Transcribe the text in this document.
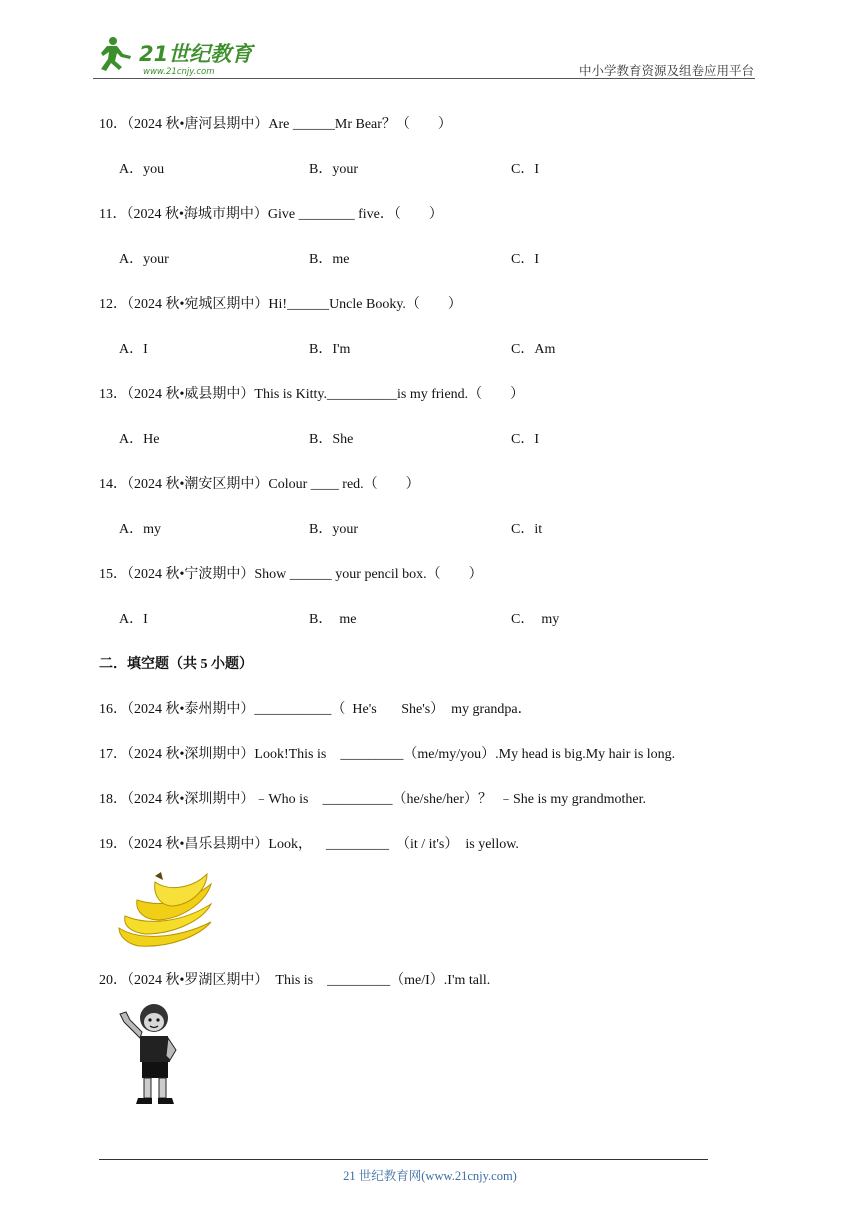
21世纪教育
www.21cnjy.com	中小学教育资源及组卷应用平台
10．（2024 秋•唐河县期中）Are ______Mr Bear？（　　）
A．you	B．your	C．I
11．（2024 秋•海城市期中）Give ________ five．（　　）
A．your	B．me	C．I
12．（2024 秋•宛城区期中）Hi!______Uncle Booky.（　　）
A．I	B．I'm	C．Am
13．（2024 秋•威县期中）This is Kitty.__________is my friend.（　　）
A．He	B．She	C．I
14．（2024 秋•潮安区期中）Colour ____ red.（　　）
A．my	B．your	C．it
15．（2024 秋•宁波期中）Show ______ your pencil box.（　　）
A．I	B．  me	C．  my
二．填空题（共 5 小题）
16．（2024 秋•泰州期中）___________（  He's       She's）  my grandpa．
17．（2024 秋•深圳期中）Look!This is    _________（me/my/you）.My head is big.My hair is long.
18．（2024 秋•深圳期中）﹣Who is    __________（he/she/her）？  ﹣She is my grandmother.
19．（2024 秋•昌乐县期中）Look，    _________  （it / it's）  is yellow.
20．（2024 秋•罗湖区期中）  This is    _________（me/I）.I'm tall.
21 世纪教育网(www.21cnjy.com)
